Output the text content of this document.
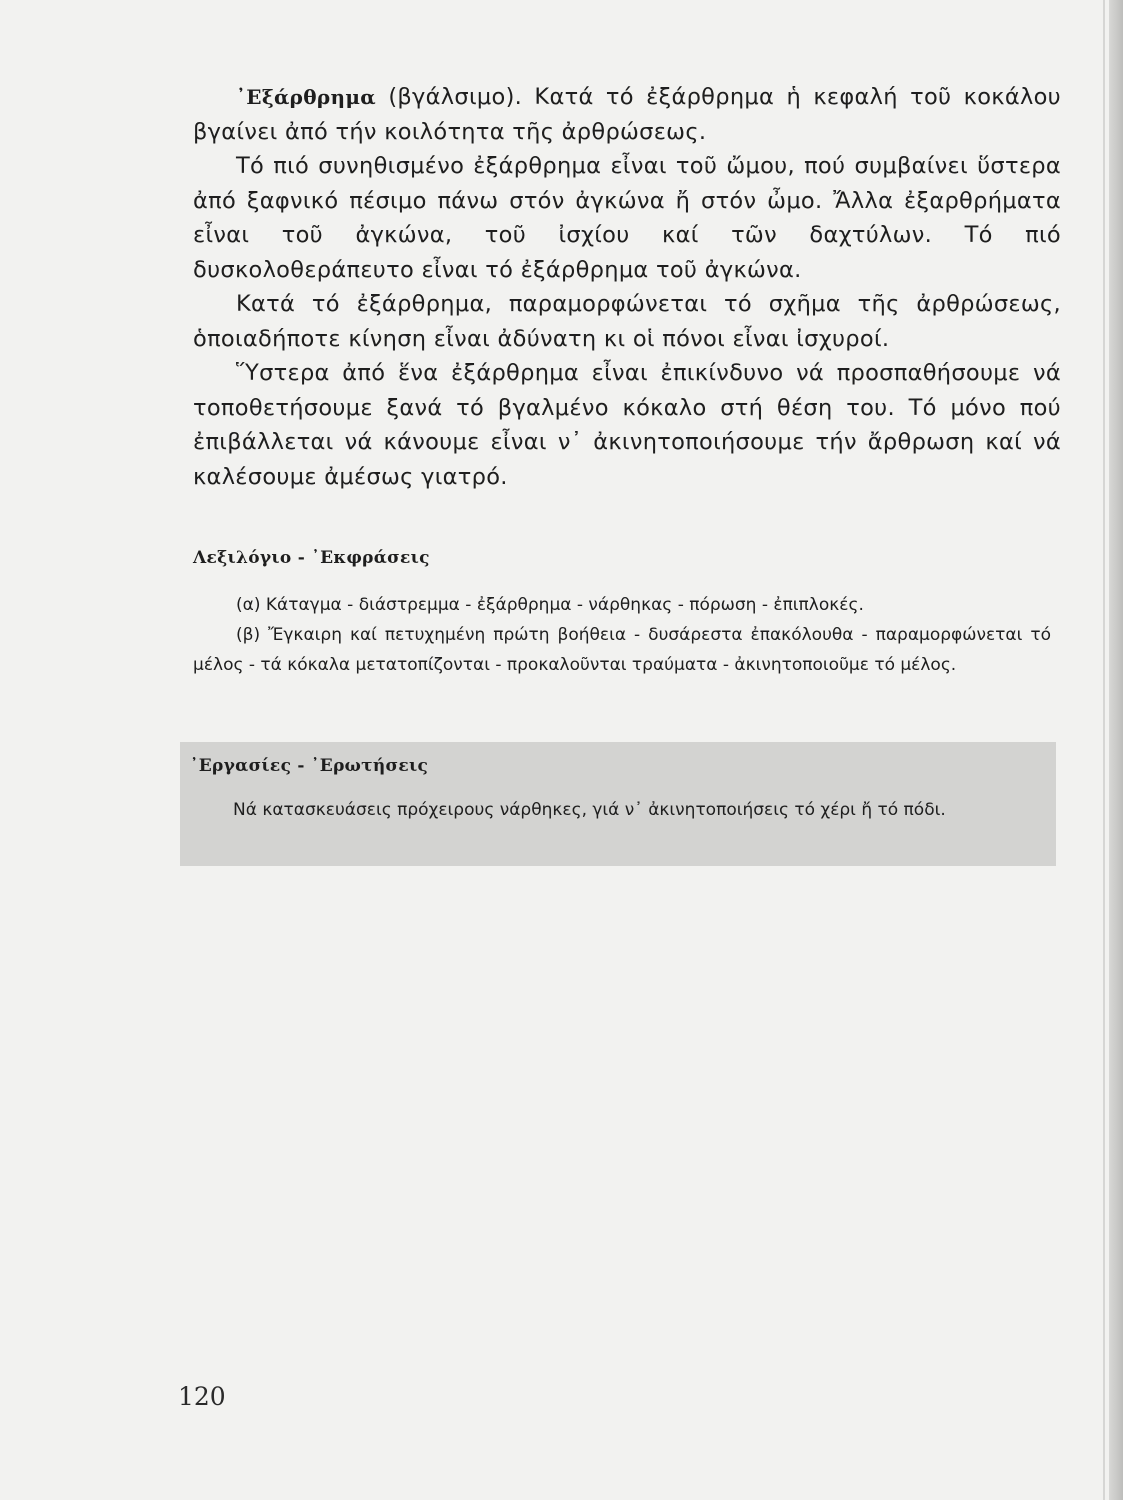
᾿Εξάρθρημα (βγάλσιμο). Κατά τό ἐξάρθρημα ἡ κεφαλή τοῦ κοκάλου βγαίνει ἀπό τήν κοιλότητα τῆς ἀρθρώσεως.

Τό πιό συνηθισμένο ἐξάρθρημα εἶναι τοῦ ὤμου, πού συμβαίνει ὕστερα ἀπό ξαφνικό πέσιμο πάνω στόν ἀγκώνα ἤ στόν ὦμο. Ἄλλα ἐξαρθρήματα εἶναι τοῦ ἀγκώνα, τοῦ ἰσχίου καί τῶν δαχτύλων. Τό πιό δυσκολοθεράπευτο εἶναι τό ἐξάρθρημα τοῦ ἀγκώνα.

Κατά τό ἐξάρθρημα, παραμορφώνεται τό σχῆμα τῆς ἀρθρώσεως, ὁποιαδήποτε κίνηση εἶναι ἀδύνατη κι οἱ πόνοι εἶναι ἰσχυροί.

Ὕστερα ἀπό ἕνα ἐξάρθρημα εἶναι ἐπικίνδυνο νά προσπαθήσουμε νά τοποθετήσουμε ξανά τό βγαλμένο κόκαλο στή θέση του. Τό μόνο πού ἐπιβάλλεται νά κάνουμε εἶναι ν᾿ ἀκινητοποιήσουμε τήν ἄρθρωση καί νά καλέσουμε ἀμέσως γιατρό.

Λεξιλόγιο - ᾿Εκφράσεις

(α) Κάταγμα - διάστρεμμα - ἐξάρθρημα - νάρθηκας - πόρωση - ἐπιπλοκές.

(β) Ἔγκαιρη καί πετυχημένη πρώτη βοήθεια - δυσάρεστα ἐπακόλουθα - παραμορφώνεται τό μέλος - τά κόκαλα μετατοπίζονται - προκαλοῦνται τραύματα - ἀκινητοποιοῦμε τό μέλος.

᾿Εργασίες - ᾿Ερωτήσεις

Νά κατασκευάσεις πρόχειρους νάρθηκες, γιά ν᾿ ἀκινητοποιήσεις τό χέρι ἤ τό πόδι.

120
